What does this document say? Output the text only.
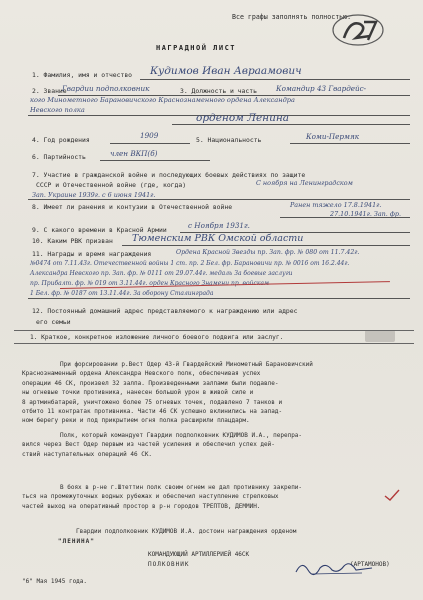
Все графы заполнять полностью.
НАГРАДНОЙ ЛИСТ
1. Фамилия, имя и отчество Кудимов Иван Авраамович
2. Звание
Гвардии подполковник	3. Должность и часть	Командир 43 Гвардейс-
кого Минометного Барановичского Краснознаменного ордена Александра
Невского полка
орденом Ленина
4. Год рождения	1909	5. Национальность	Коми-Пермяк
6. Партийность	член ВКП(б)
7. Участие в гражданской войне и последующих боевых действиях по защите
СССР и Отечественной войне (где, когда)	С ноября на Ленинградском
Зап. Украине 1939г. с 6 июня 1941г.
8. Имеет ли ранения и контузии в Отечественной войне	Ранен тяжело 17.8.1941г.
27.10.1941г. Зап. фр.
9. С какого времени в Красной Армии	с Ноября 1931г.
10. Каким РВК призван Тюменским РВК Омской области
11. Награды и время награждения	Ордена Красной Звезды пр. Зап. фр. № 080 от 11.7.42г.
№0474 от 7.11.43г. Отечественной войны 1 ст. пр. 2 Бел. фр. Барановичи пр. № 0016 от 16.2.44г.
Александра Невского пр. Зап. фр. № 0111 от 29.07.44г. медаль За боевые заслуги
пр. Прибалт. фр. № 019 от 3.11.44г. орден Красного Знамени пр. войскам
1 Бел. фр. № 0187 от 13.11.44г. За оборону Сталинграда
12. Постоянный домашний адрес представляемого к награждению или адрес
его семьи
1. Краткое, конкретное изложение личного боевого подвига или заслуг.
При форсировании р.Вест Одер 43-й Гвардейский Минометный Барановичский
Краснознаменный ордена Александра Невского полк, обеспечивая успех
операции 46 СК, произвел 32 залпа. Произведенными залпами были подавле-
ны огневые точки противника, нанесен большой урон в живой силе и
8 артминбатарей, уничтожено более 75 огневых точек, подавлено 7 танков и
отбито 11 контратак противника. Части 46 СК успешно вклинились на запад-
ном берегу реки и под прикрытием огня полка расширили плацдарм.
Полк, который командует Гвардии подполковник КУДИМОВ И.А., перепра-
вился через Вест Одер первым из частей усиления и обеспечил успех дей-
ствий наступательных операций 46 СК.
В боях в р-не г.Штеттин полк своим огнем не дал противнику закрепи-
ться на промежуточных водных рубежах и обеспечил наступление стрелковых
частей выход на оперативный простор в р-н городов ТРЕПТОВ, ДЕММИН.
Гвардии подполковник КУДИМОВ И.А. достоин награждения орденом
"ЛЕНИНА"
КОМАНДУЮЩИЙ АРТИЛЛЕРИЕЙ 46СК
ПОЛКОВНИК	(АРТАМОНОВ)
"6" Мая 1945 года.
